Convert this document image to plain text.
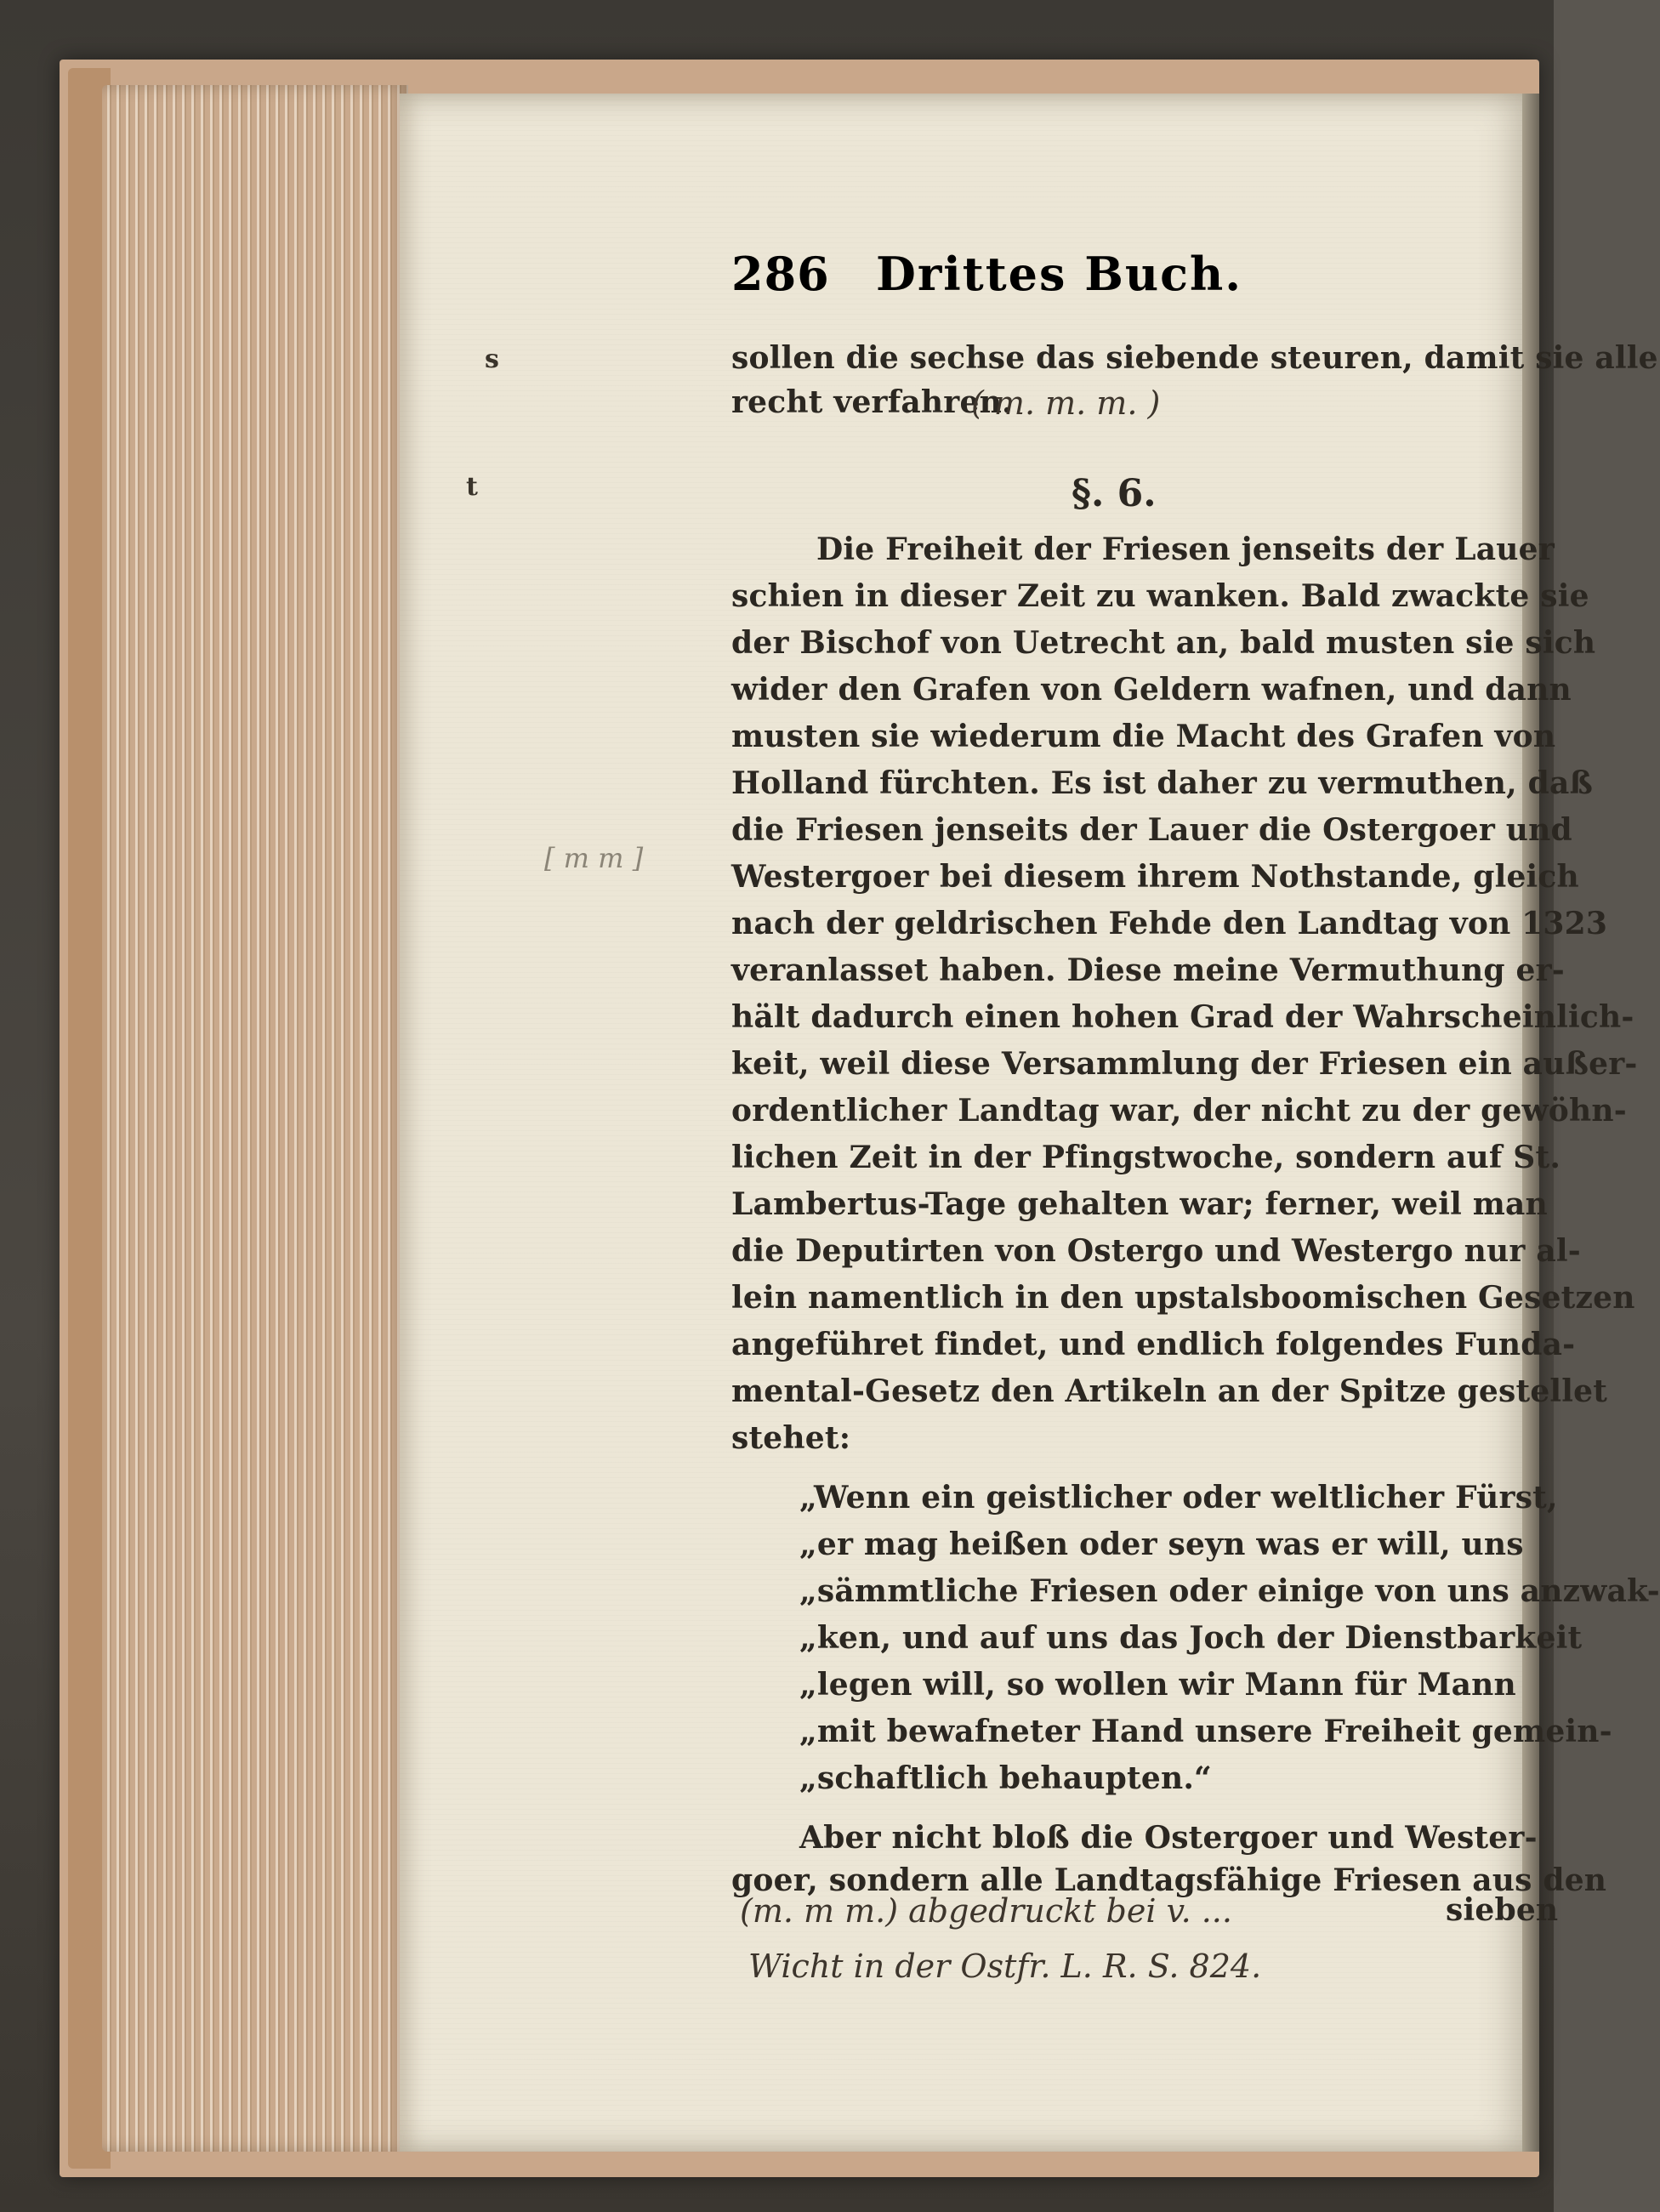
286 Drittes Buch.
s
t
sollen die sechse das siebende steuren, damit sie alle
recht verfahren.
Die Freiheit der Friesen jenseits der Lauer
schien in dieser Zeit zu wanken. Bald zwackte sie
der Bischof von Uetrecht an, bald musten sie sich
wider den Grafen von Geldern wafnen, und dann
musten sie wiederum die Macht des Grafen von
Holland fürchten. Es ist daher zu vermuthen, daß
die Friesen jenseits der Lauer die Ostergoer und
Westergoer bei diesem ihrem Nothstande, gleich
nach der geldrischen Fehde den Landtag von 1323
veranlasset haben. Diese meine Vermuthung er-
hält dadurch einen hohen Grad der Wahrscheinlich-
keit, weil diese Versammlung der Friesen ein außer-
ordentlicher Landtag war, der nicht zu der gewöhn-
lichen Zeit in der Pfingstwoche, sondern auf St.
Lambertus-Tage gehalten war; ferner, weil man
die Deputirten von Ostergo und Westergo nur al-
lein namentlich in den upstalsboomischen Gesetzen
angeführet findet, und endlich folgendes Funda-
mental-Gesetz den Artikeln an der Spitze gestellet
stehet:
„Wenn ein geistlicher oder weltlicher Fürst,
„er mag heißen oder seyn was er will, uns
„sämmtliche Friesen oder einige von uns anzwak-
„ken, und auf uns das Joch der Dienstbarkeit
„legen will, so wollen wir Mann für Mann
„mit bewafneter Hand unsere Freiheit gemein-
„schaftlich behaupten.“
Aber nicht bloß die Ostergoer und Wester-
goer, sondern alle Landtagsfähige Friesen aus den
sieben
§. 6.
( m. m. m. )
[ m m ]
(m. m m.) abgedruckt bei v. ...
Wicht in der Ostfr. L. R. S. 824.
